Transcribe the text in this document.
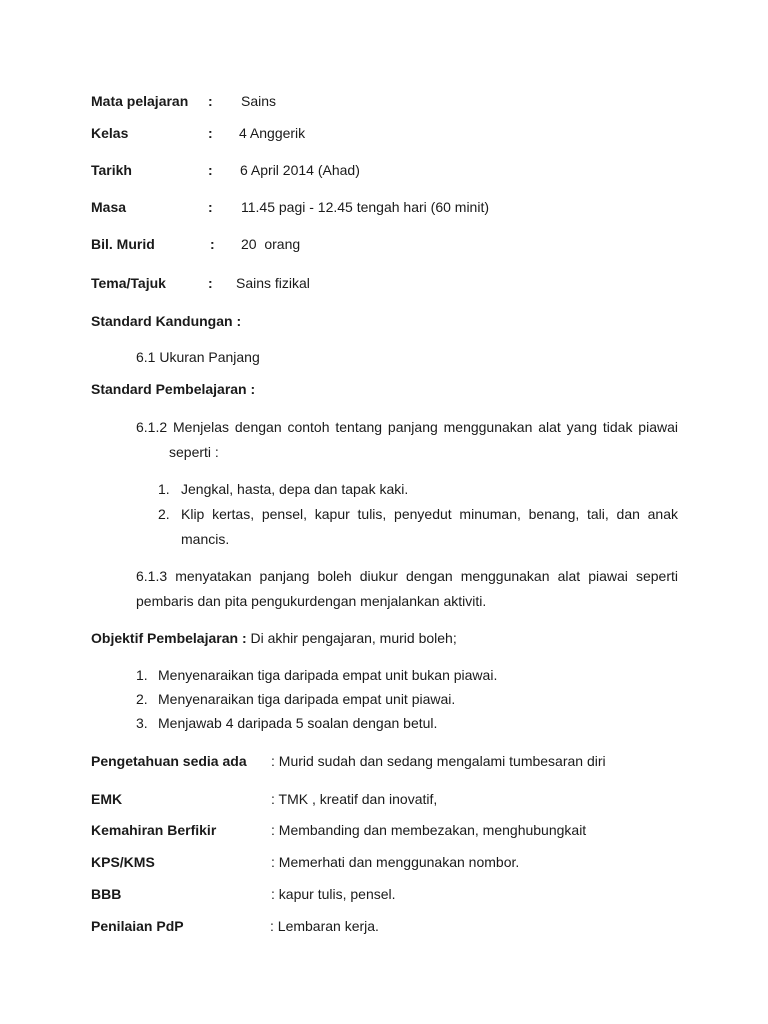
Mata pelajaran : Sains
Kelas	: 4 Anggerik
Tarikh	: 6 April 2014 (Ahad)
Masa	: 11.45 pagi - 12.45 tengah hari (60 minit)
Bil. Murid	: 20  orang
Tema/Tajuk	: Sains fizikal
Standard Kandungan :
6.1 Ukuran Panjang
Standard Pembelajaran :
6.1.2 Menjelas dengan contoh tentang panjang menggunakan alat yang tidak piawai
seperti :
1. Jengkal, hasta, depa dan tapak kaki.
2. Klip kertas, pensel, kapur tulis, penyedut minuman, benang, tali, dan anak
mancis.
6.1.3 menyatakan panjang boleh diukur dengan menggunakan alat piawai seperti
pembaris dan pita pengukurdengan menjalankan aktiviti.
Objektif Pembelajaran : Di akhir pengajaran, murid boleh;
1. Menyenaraikan tiga daripada empat unit bukan piawai.
2. Menyenaraikan tiga daripada empat unit piawai.
3. Menjawab 4 daripada 5 soalan dengan betul.
Pengetahuan sedia ada : Murid sudah dan sedang mengalami tumbesaran diri
EMK	: TMK , kreatif dan inovatif,
Kemahiran Berfikir	: Membanding dan membezakan, menghubungkait
KPS/KMS	: Memerhati dan menggunakan nombor.
BBB	: kapur tulis, pensel.
Penilaian PdP	: Lembaran kerja.
